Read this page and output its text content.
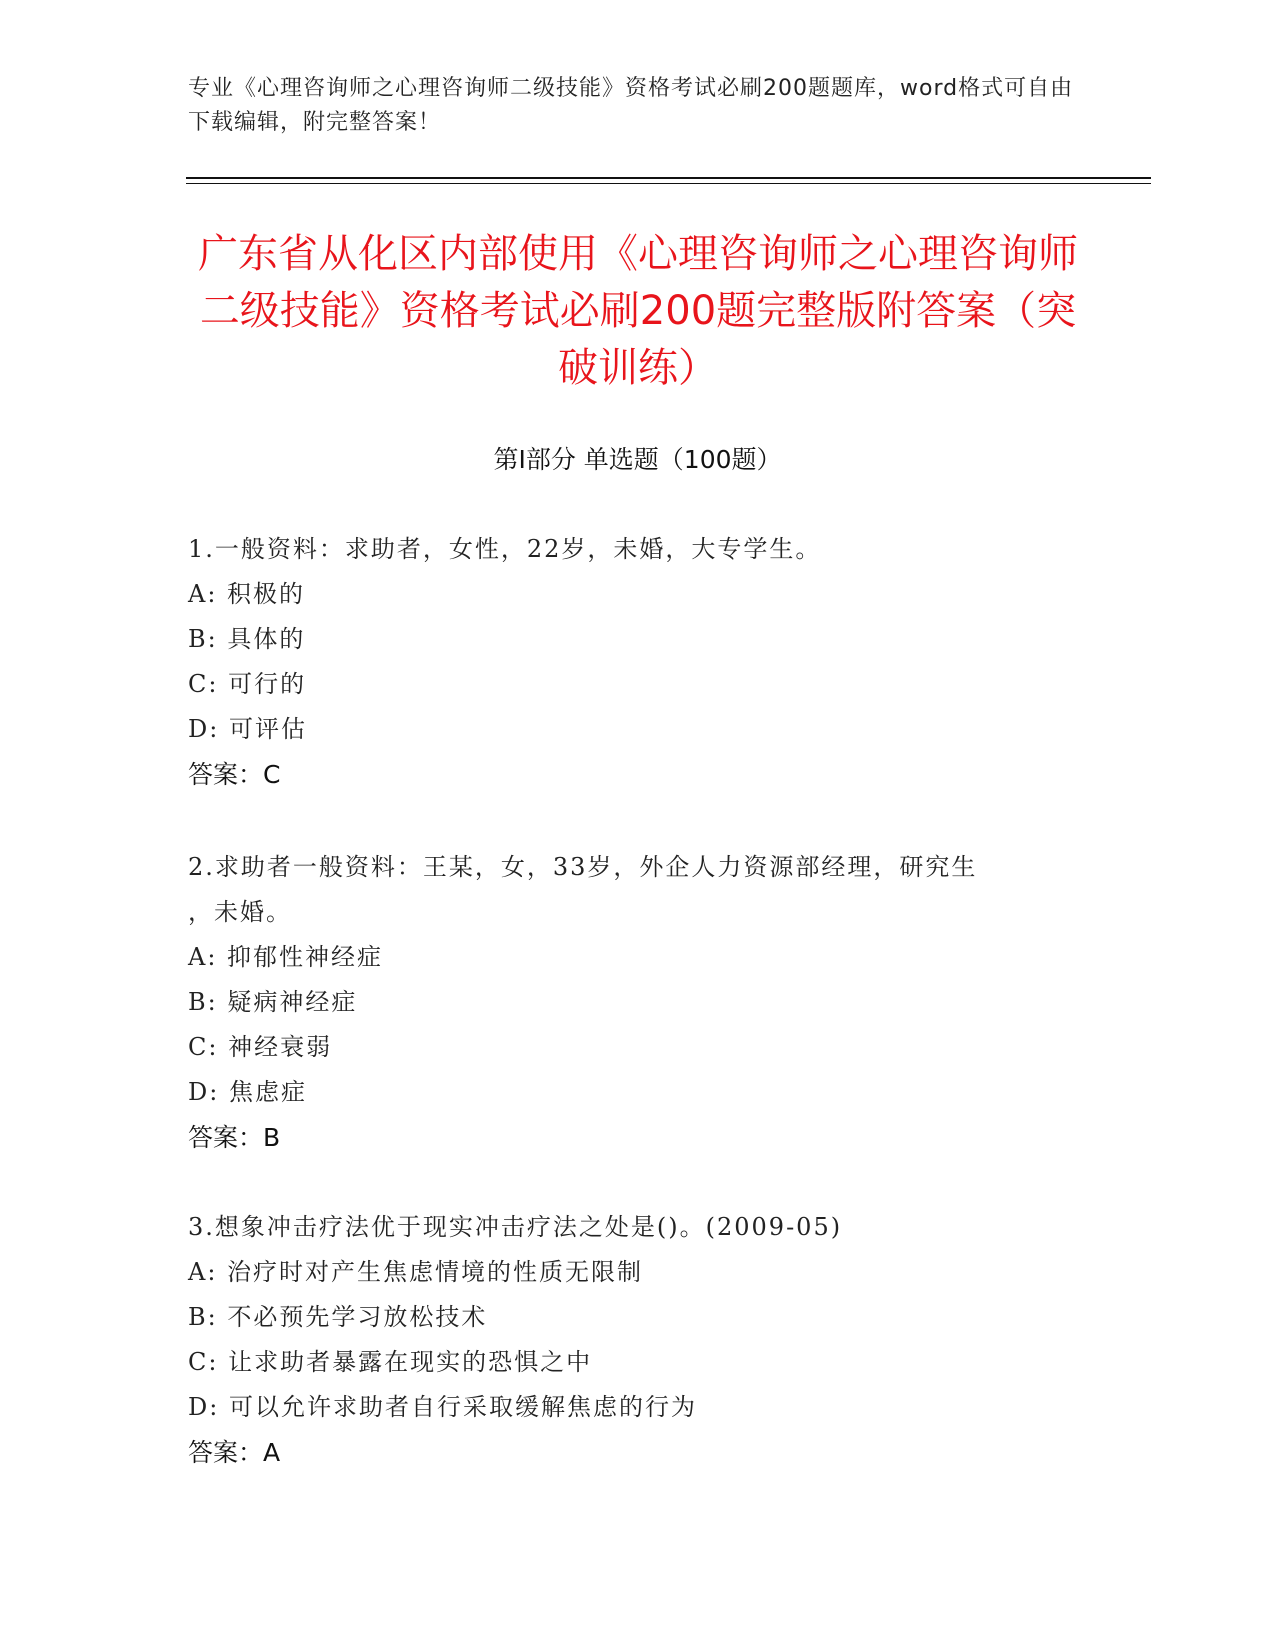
专业《心理咨询师之心理咨询师二级技能》资格考试必刷200题题库，word格式可自由下载编辑，附完整答案！
广东省从化区内部使用《心理咨询师之心理咨询师二级技能》资格考试必刷200题完整版附答案（突破训练）
第Ⅰ部分 单选题（100题）
1.一般资料：求助者，女性，22岁，未婚，大专学生。
A: 积极的
B: 具体的
C: 可行的
D: 可评估
答案：C
2.求助者一般资料：王某，女，33岁，外企人力资源部经理，研究生
，未婚。
A: 抑郁性神经症
B: 疑病神经症
C: 神经衰弱
D: 焦虑症
答案：B
3.想象冲击疗法优于现实冲击疗法之处是()。(2009-05)
A: 治疗时对产生焦虑情境的性质无限制
B: 不必预先学习放松技术
C: 让求助者暴露在现实的恐惧之中
D: 可以允许求助者自行采取缓解焦虑的行为
答案：A
